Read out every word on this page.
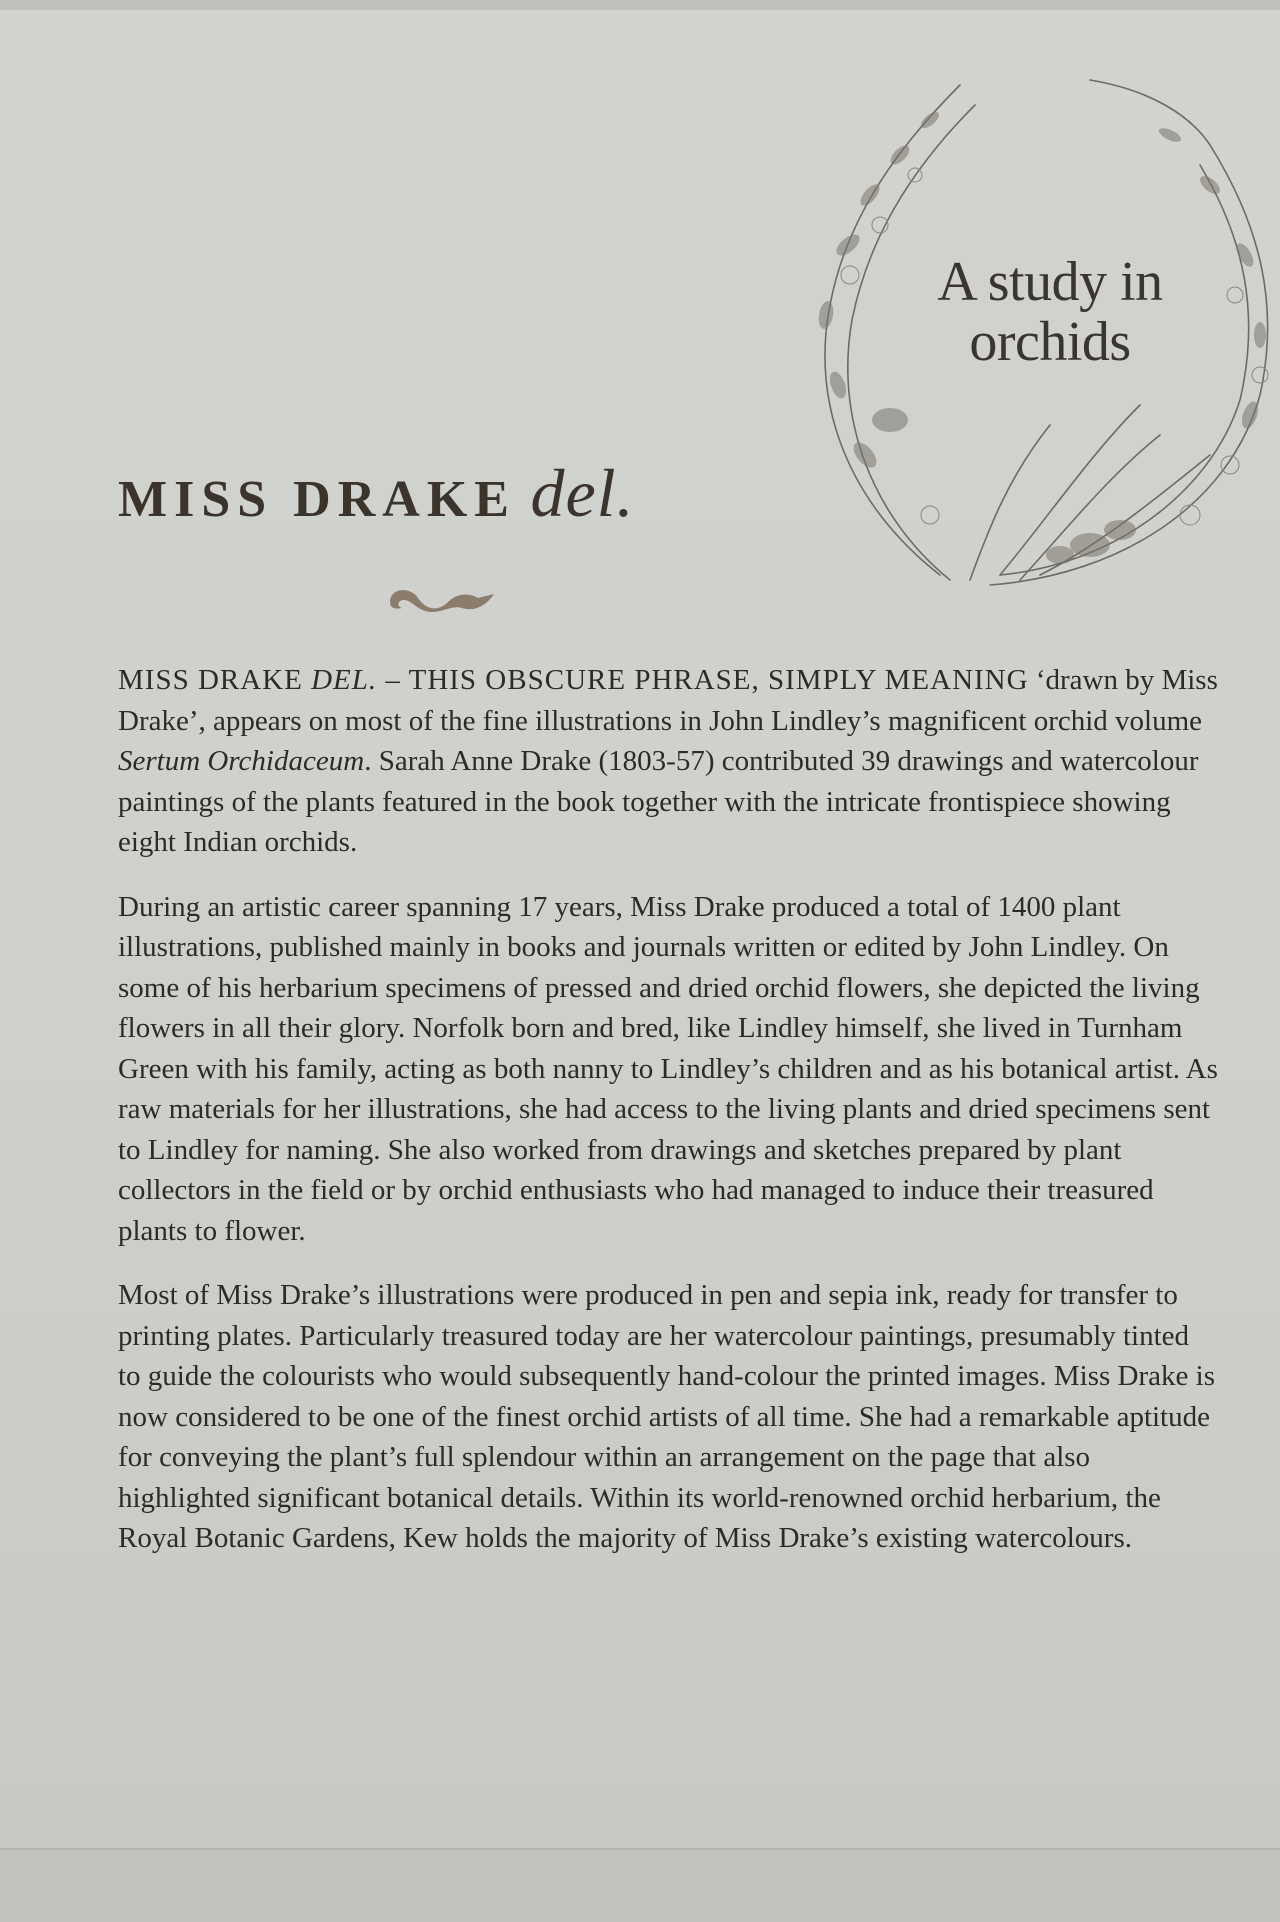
A study in
orchids
MISS DRAKE del.

MISS DRAKE DEL. – THIS OBSCURE PHRASE, SIMPLY MEANING ‘drawn by Miss Drake’, appears on most of the fine illustrations in John Lindley’s magnificent orchid volume Sertum Orchidaceum. Sarah Anne Drake (1803-57) contributed 39 drawings and watercolour paintings of the plants featured in the book together with the intricate frontispiece showing eight Indian orchids.

During an artistic career spanning 17 years, Miss Drake produced a total of 1400 plant illustrations, published mainly in books and journals written or edited by John Lindley. On some of his herbarium specimens of pressed and dried orchid flowers, she depicted the living flowers in all their glory. Norfolk born and bred, like Lindley himself, she lived in Turnham Green with his family, acting as both nanny to Lindley’s children and as his botanical artist. As raw materials for her illustrations, she had access to the living plants and dried specimens sent to Lindley for naming. She also worked from drawings and sketches prepared by plant collectors in the field or by orchid enthusiasts who had managed to induce their treasured plants to flower.

Most of Miss Drake’s illustrations were produced in pen and sepia ink, ready for transfer to printing plates. Particularly treasured today are her watercolour paintings, presumably tinted to guide the colourists who would subsequently hand-colour the printed images. Miss Drake is now considered to be one of the finest orchid artists of all time. She had a remarkable aptitude for conveying the plant’s full splendour within an arrangement on the page that also highlighted significant botanical details. Within its world-renowned orchid herbarium, the Royal Botanic Gardens, Kew holds the majority of Miss Drake’s existing watercolours.
